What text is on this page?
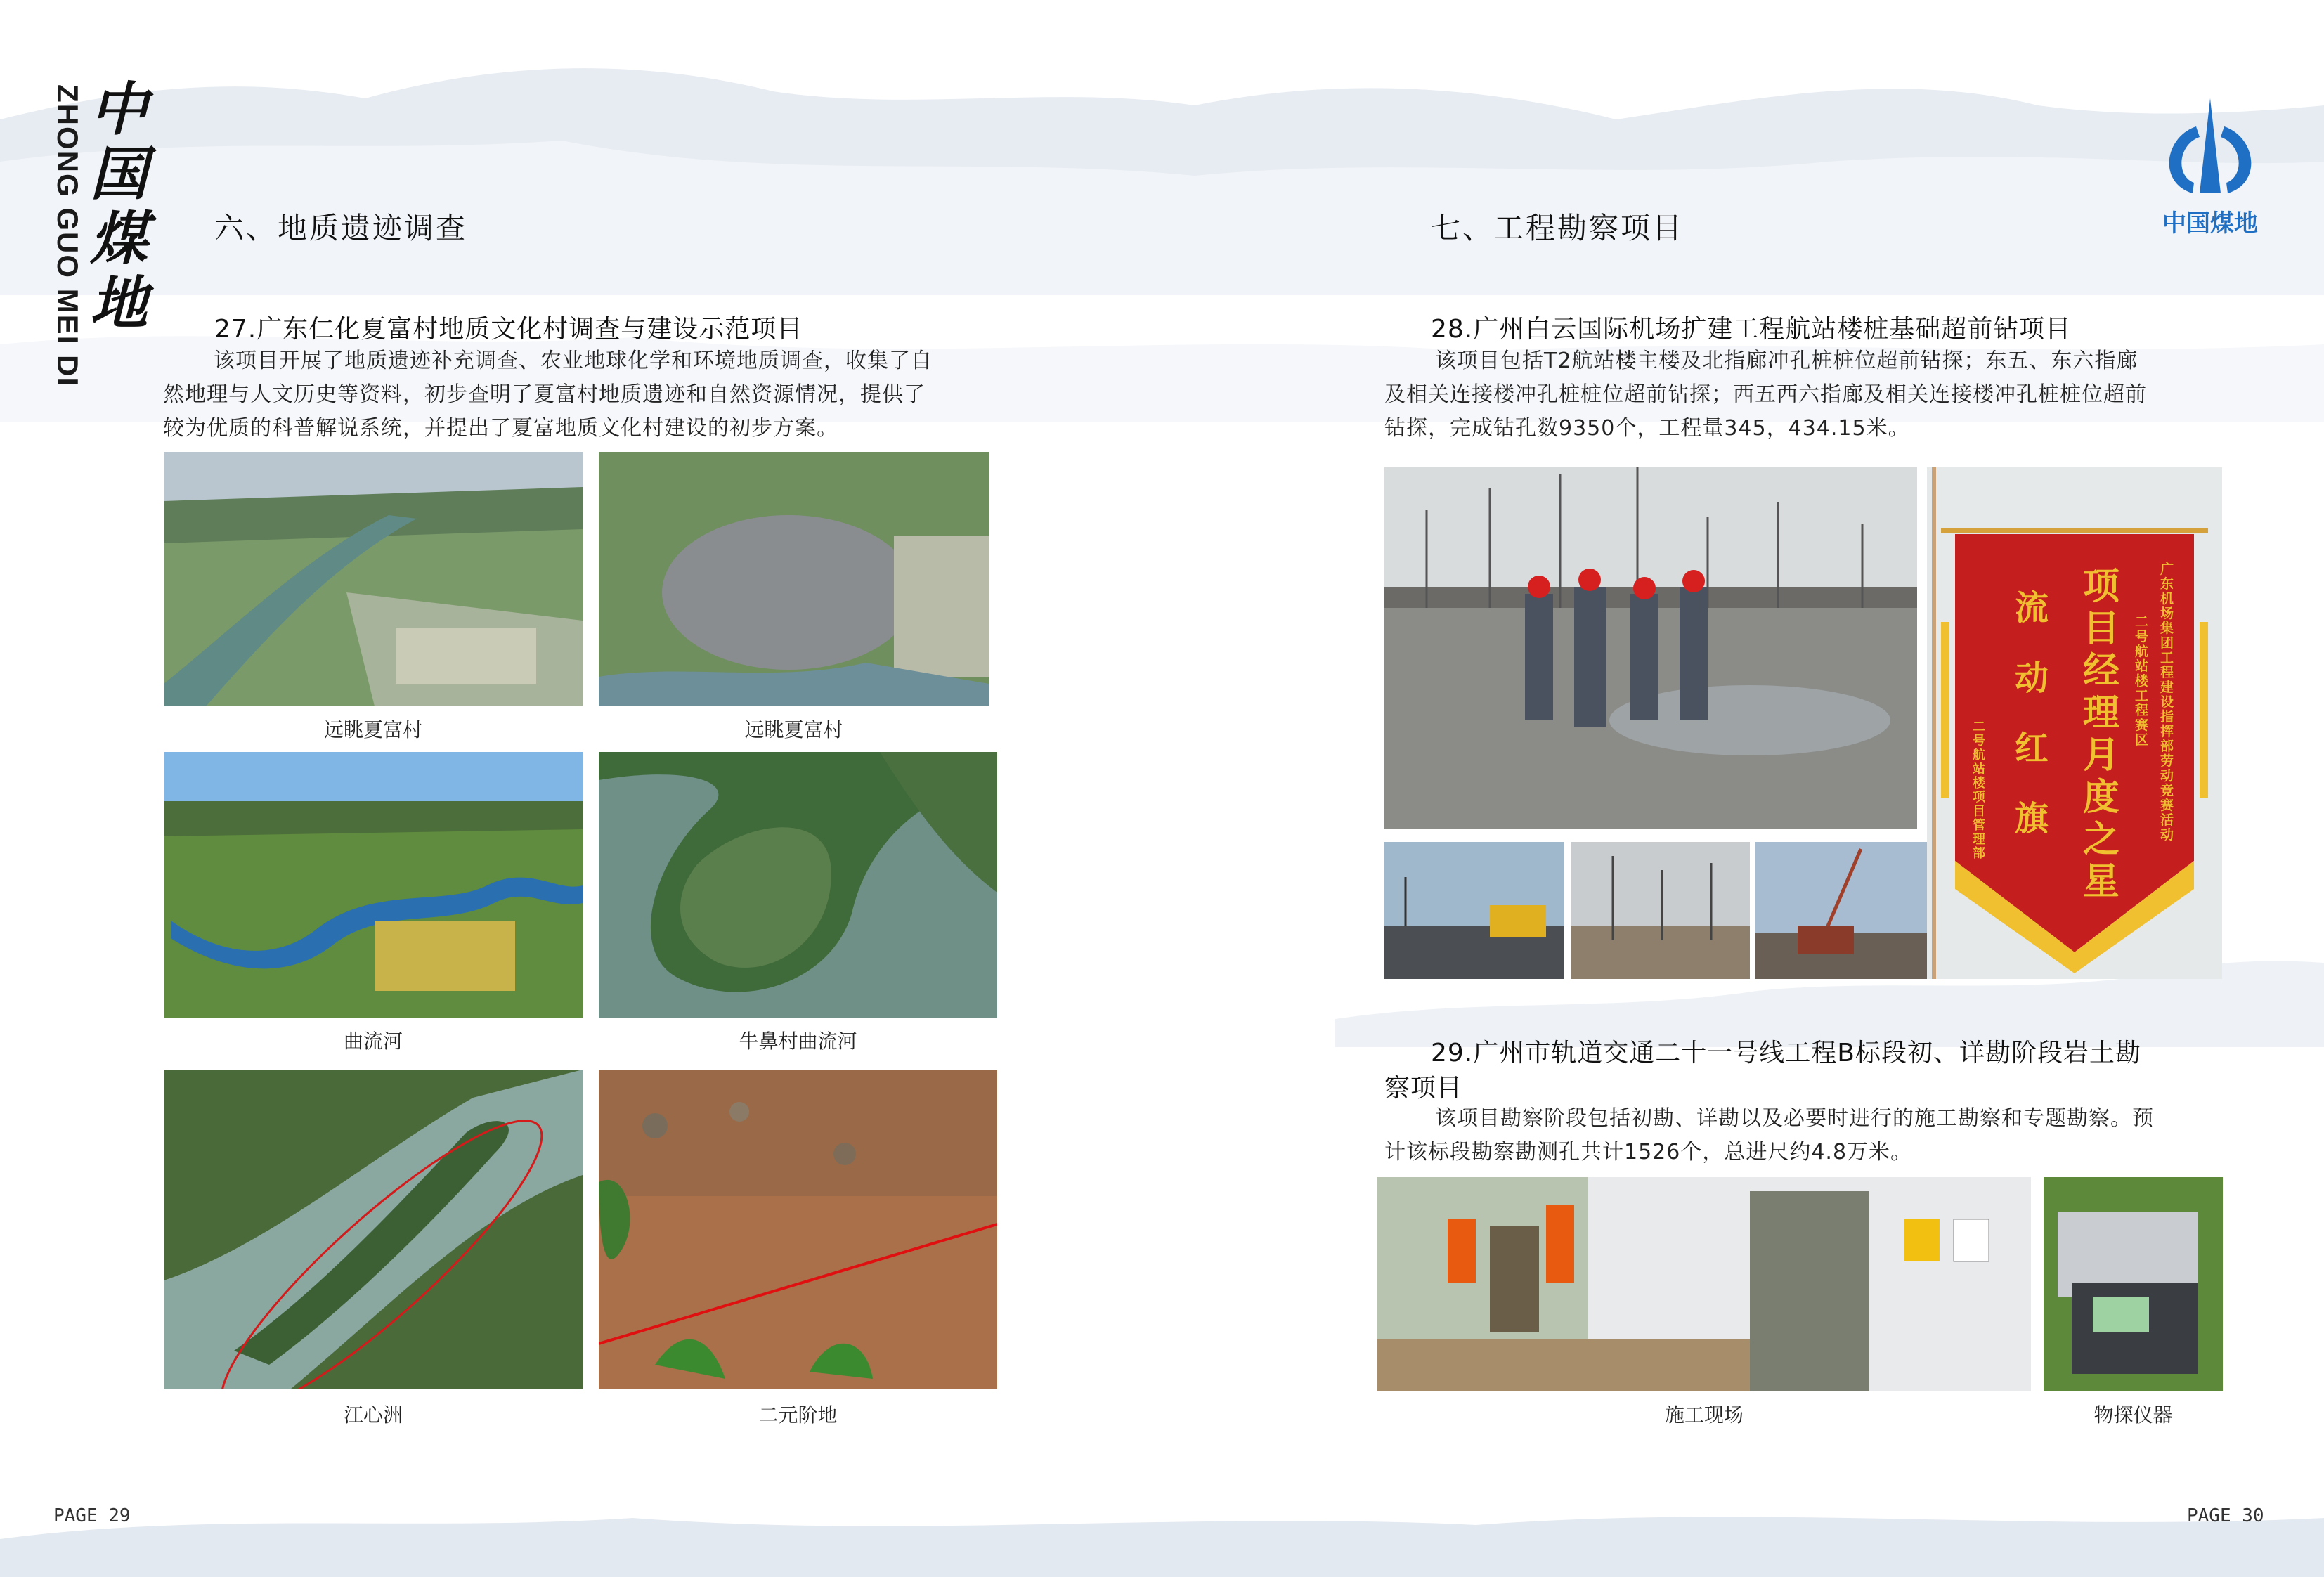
ZHONG GUO MEI DI 中国煤地
六、地质遗迹调查
27.广东仁化夏富村地质文化村调查与建设示范项目
该项目开展了地质遗迹补充调查、农业地球化学和环境地质调查，收集了自
然地理与人文历史等资料，初步查明了夏富村地质遗迹和自然资源情况，提供了
较为优质的科普解说系统，并提出了夏富地质文化村建设的初步方案。
远眺夏富村	远眺夏富村
曲流河	牛鼻村曲流河
江心洲	二元阶地
PAGE 29
中国煤地
七、工程勘察项目
28.广州白云国际机场扩建工程航站楼桩基础超前钻项目
该项目包括T2航站楼主楼及北指廊冲孔桩桩位超前钻探；东五、东六指廊
及相关连接楼冲孔桩桩位超前钻探；西五西六指廊及相关连接楼冲孔桩桩位超前
钻探，完成钻孔数9350个，工程量345，434.15米。
广东机场集团工程建设指挥部劳动竞赛活动
二号航站楼工程赛区
项目经理月度之星
流动红旗
二号航站楼项目管理部
29.广州市轨道交通二十一号线工程B标段初、详勘阶段岩土勘
察项目
该项目勘察阶段包括初勘、详勘以及必要时进行的施工勘察和专题勘察。预
计该标段勘察勘测孔共计1526个，总进尺约4.8万米。
施工现场	物探仪器
PAGE 30
